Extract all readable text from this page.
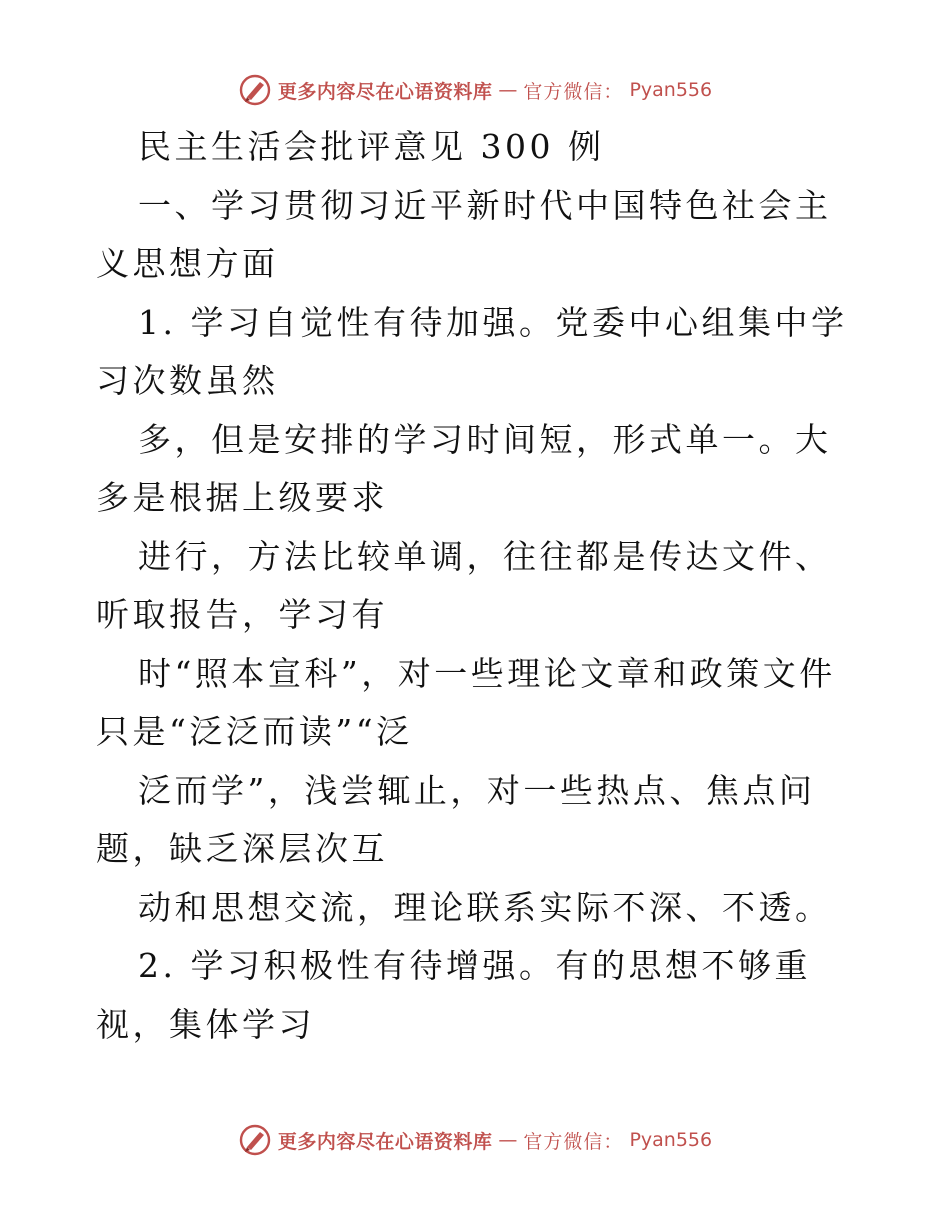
更多内容尽在心语资料库 — 官方微信： Pyan556

民主生活会批评意见 300 例

一、学习贯彻习近平新时代中国特色社会主义思想方面

1. 学习自觉性有待加强。党委中心组集中学习次数虽然

多，但是安排的学习时间短，形式单一。大多是根据上级要求

进行，方法比较单调，往往都是传达文件、听取报告，学习有

时“照本宣科”，对一些理论文章和政策文件只是“泛泛而读”“泛

泛而学”，浅尝辄止，对一些热点、焦点问题，缺乏深层次互

动和思想交流，理论联系实际不深、不透。

2. 学习积极性有待增强。有的思想不够重视，集体学习

更多内容尽在心语资料库 — 官方微信： Pyan556
